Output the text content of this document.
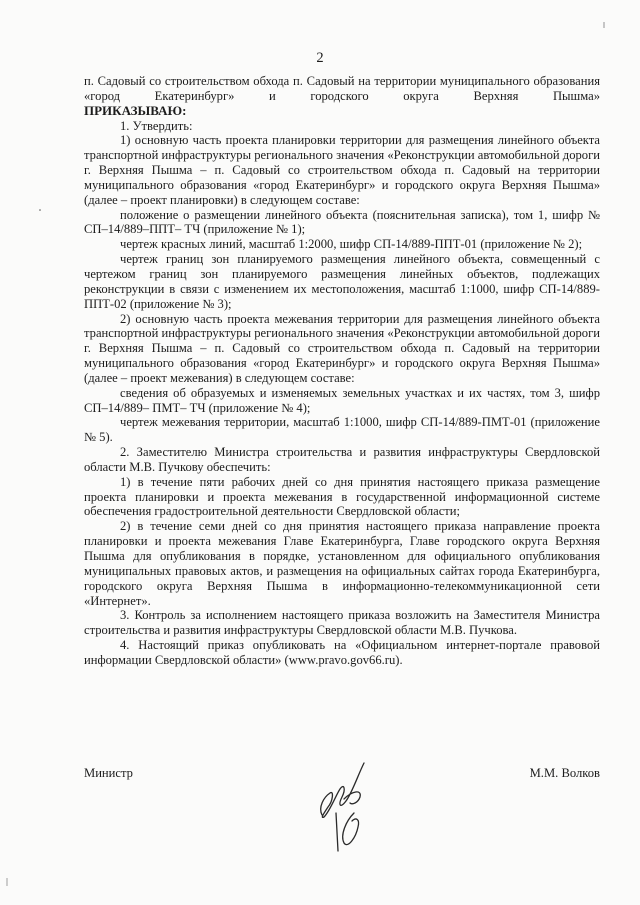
2

п. Садовый со строительством обхода п. Садовый на территории муниципального образования «город Екатеринбург» и городского округа Верхняя Пышма»

ПРИКАЗЫВАЮ:

1. Утвердить:

1) основную часть проекта планировки территории для размещения линейного объекта транспортной инфраструктуры регионального значения «Реконструкции автомобильной дороги г. Верхняя Пышма – п. Садовый со строительством обхода п. Садовый на территории муниципального образования «город Екатеринбург» и городского округа Верхняя Пышма» (далее – проект планировки) в следующем составе:

положение о размещении линейного объекта (пояснительная записка), том 1, шифр № СП–14/889–ППТ– ТЧ (приложение № 1);

чертеж красных линий, масштаб 1:2000, шифр СП-14/889-ППТ-01 (приложение № 2);

чертеж границ зон планируемого размещения линейного объекта, совмещенный с чертежом границ зон планируемого размещения линейных объектов, подлежащих реконструкции в связи с изменением их местоположения, масштаб 1:1000, шифр СП-14/889-ППТ-02 (приложение № 3);

2) основную часть проекта межевания территории для размещения линейного объекта транспортной инфраструктуры регионального значения «Реконструкции автомобильной дороги г. Верхняя Пышма – п. Садовый со строительством обхода п. Садовый на территории муниципального образования «город Екатеринбург» и городского округа Верхняя Пышма» (далее – проект межевания) в следующем составе:

сведения об образуемых и изменяемых земельных участках и их частях, том 3, шифр СП–14/889– ПМТ– ТЧ (приложение № 4);

чертеж межевания территории, масштаб 1:1000, шифр СП-14/889-ПМТ-01 (приложение № 5).

2. Заместителю Министра строительства и развития инфраструктуры Свердловской области М.В. Пучкову обеспечить:

1) в течение пяти рабочих дней со дня принятия настоящего приказа размещение проекта планировки и проекта межевания в государственной информационной системе обеспечения градостроительной деятельности Свердловской области;

2) в течение семи дней со дня принятия настоящего приказа направление проекта планировки и проекта межевания Главе Екатеринбурга, Главе городского округа Верхняя Пышма для опубликования в порядке, установленном для официального опубликования муниципальных правовых актов, и размещения на официальных сайтах города Екатеринбурга, городского округа Верхняя Пышма в информационно-телекоммуникационной сети «Интернет».

3. Контроль за исполнением настоящего приказа возложить на Заместителя Министра строительства и развития инфраструктуры Свердловской области М.В. Пучкова.

4. Настоящий приказ опубликовать на «Официальном интернет-портале правовой информации Свердловской области» (www.pravo.gov66.ru).

Министр	М.М. Волков
